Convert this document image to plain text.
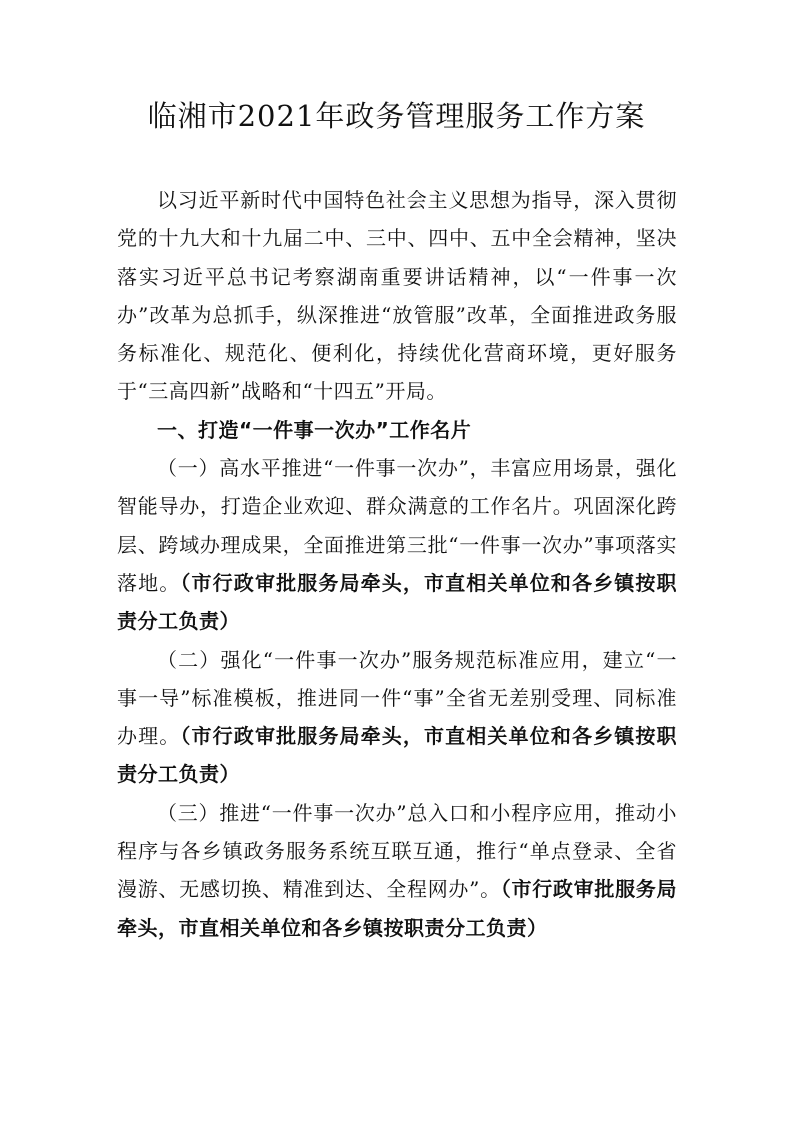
临湘市2021年政务管理服务工作方案

以习近平新时代中国特色社会主义思想为指导，深入贯彻党的十九大和十九届二中、三中、四中、五中全会精神，坚决落实习近平总书记考察湖南重要讲话精神，以“一件事一次办”改革为总抓手，纵深推进“放管服”改革，全面推进政务服务标准化、规范化、便利化，持续优化营商环境，更好服务于“三高四新”战略和“十四五”开局。

一、打造“一件事一次办”工作名片

（一）高水平推进“一件事一次办”，丰富应用场景，强化智能导办，打造企业欢迎、群众满意的工作名片。巩固深化跨层、跨域办理成果，全面推进第三批“一件事一次办”事项落实落地。（市行政审批服务局牵头，市直相关单位和各乡镇按职责分工负责）

（二）强化“一件事一次办”服务规范标准应用，建立“一事一导”标准模板，推进同一件“事”全省无差别受理、同标准办理。（市行政审批服务局牵头，市直相关单位和各乡镇按职责分工负责）

（三）推进“一件事一次办”总入口和小程序应用，推动小程序与各乡镇政务服务系统互联互通，推行“单点登录、全省漫游、无感切换、精准到达、全程网办”。（市行政审批服务局牵头，市直相关单位和各乡镇按职责分工负责）
